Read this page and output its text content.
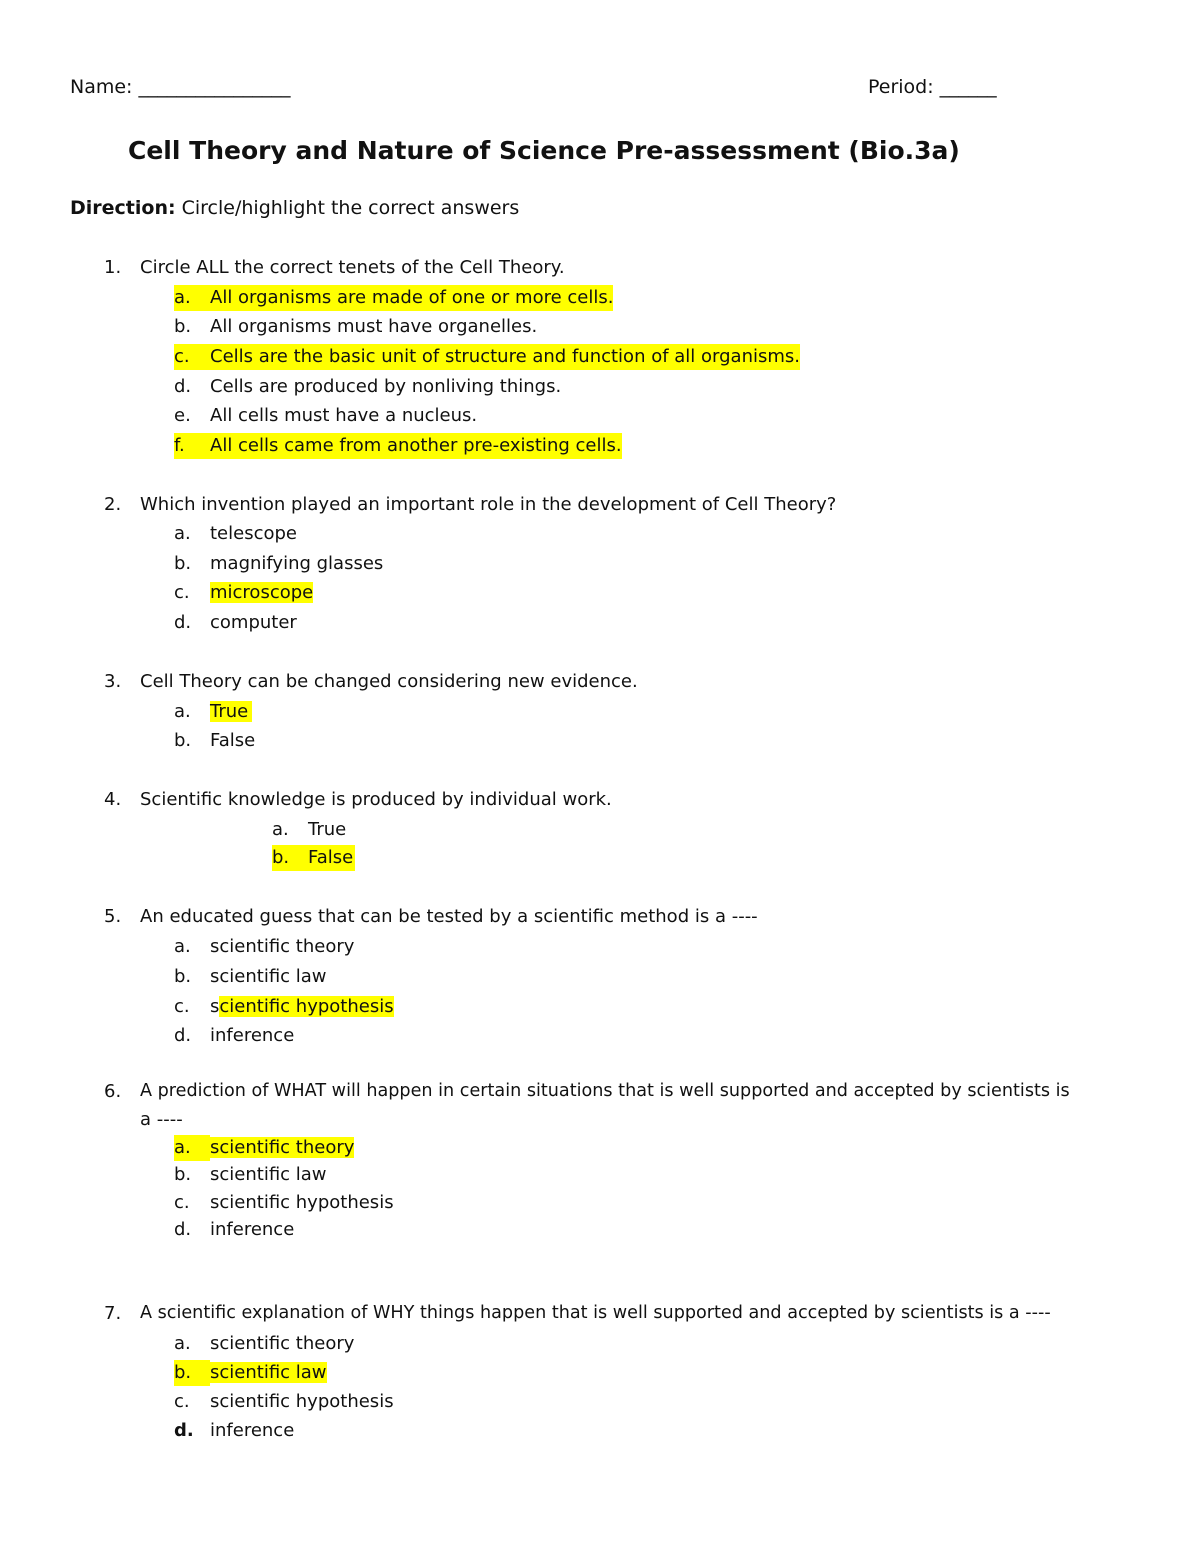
Name: ________________	Period: ______
Cell Theory and Nature of Science Pre-assessment (Bio.3a)
Direction: Circle/highlight the correct answers
1. Circle ALL the correct tenets of the Cell Theory.
a. All organisms are made of one or more cells.
b. All organisms must have organelles.
c. Cells are the basic unit of structure and function of all organisms.
d. Cells are produced by nonliving things.
e. All cells must have a nucleus.
f. All cells came from another pre-existing cells.
2. Which invention played an important role in the development of Cell Theory?
a. telescope
b. magnifying glasses
c. microscope
d. computer
3. Cell Theory can be changed considering new evidence.
a. True
b. False
4. Scientific knowledge is produced by individual work.
a. True
b. False
5. An educated guess that can be tested by a scientific method is a ----
a. scientific theory
b. scientific law
c. scientific hypothesis
d. inference
6. A prediction of WHAT will happen in certain situations that is well supported and accepted by scientists is
a ----
a. scientific theory
b. scientific law
c. scientific hypothesis
d. inference
7. A scientific explanation of WHY things happen that is well supported and accepted by scientists is a ----
a. scientific theory
b. scientific law
c. scientific hypothesis
d. inference
